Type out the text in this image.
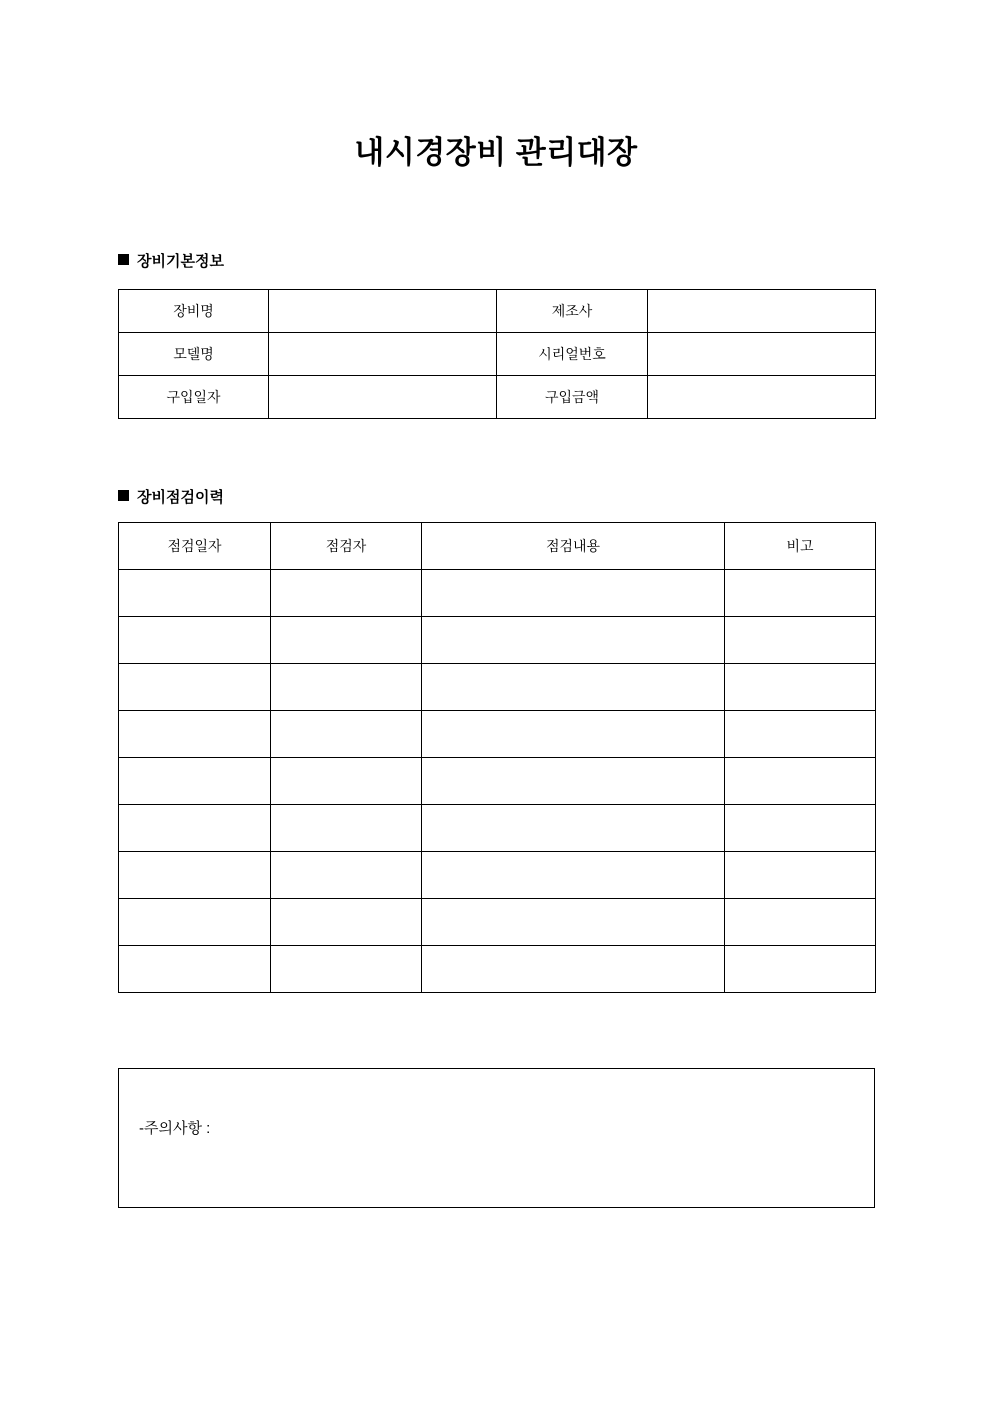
내시경장비 관리대장
장비기본정보
장비명		제조사	
모델명		시리얼번호	
구입일자		구입금액	
장비점검이력
점검일자	점검자	점검내용	비고

-주의사항 :
